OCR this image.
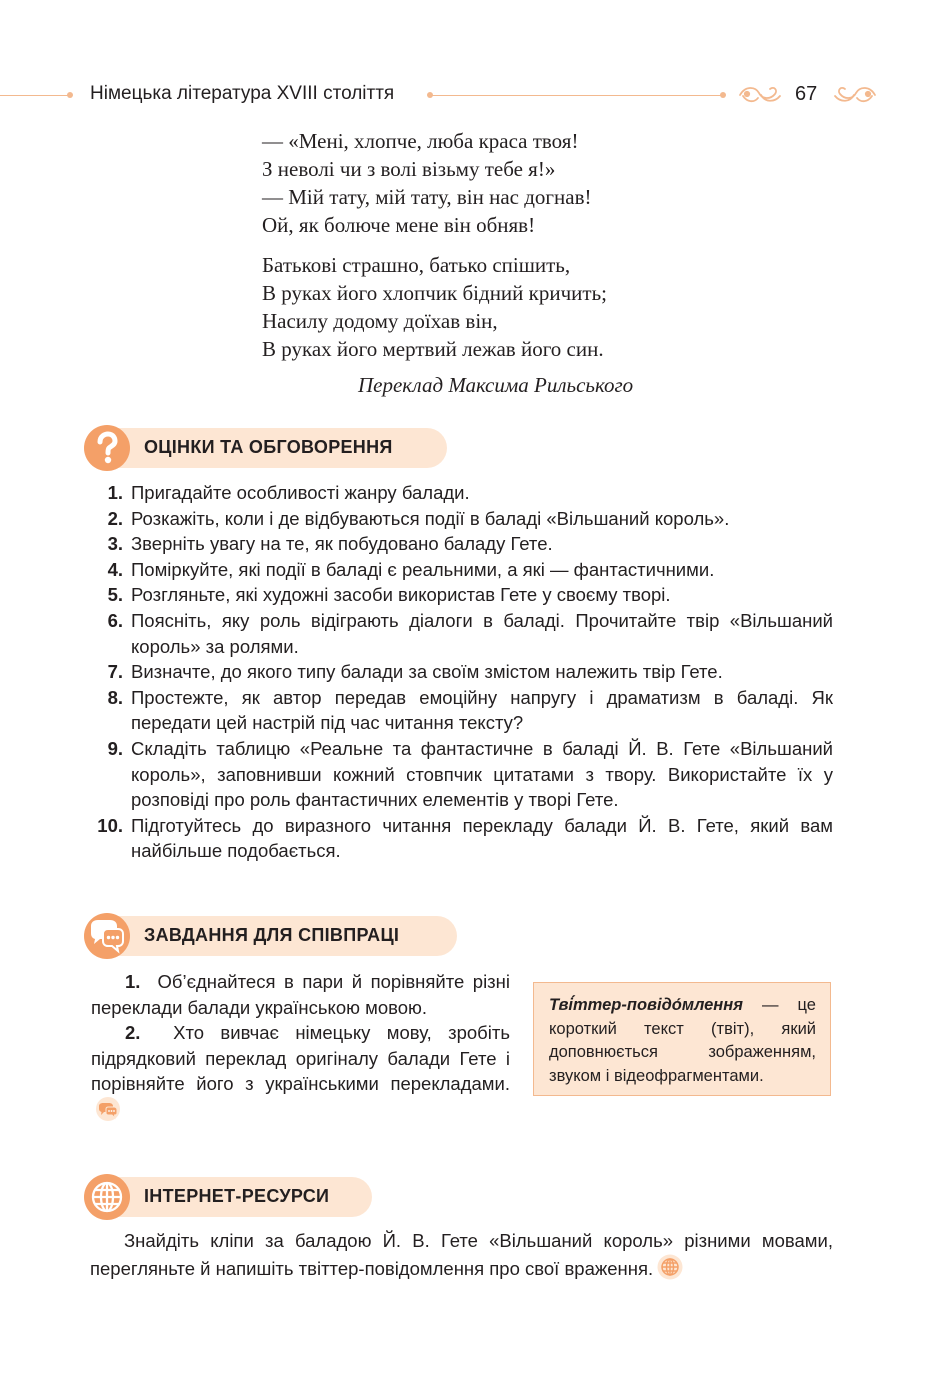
Німецька література XVIII століття	67
— «Мені, хлопче, люба краса твоя!
З неволі чи з волі візьму тебе я!»
— Мій тату, мій тату, він нас догнав!
Ой, як болюче мене він обняв!
Батькові страшно, батько спішить,
В руках його хлопчик бідний кричить;
Насилу додому доїхав він,
В руках його мертвий лежав його син.
Переклад Максима Рильського
ОЦІНКИ ТА ОБГОВОРЕННЯ
1. Пригадайте особливості жанру балади.
2. Розкажіть, коли і де відбуваються події в баладі «Вільшаний король».
3. Зверніть увагу на те, як побудовано баладу Гете.
4. Поміркуйте, які події в баладі є реальними, а які — фантастичними.
5. Розгляньте, які художні засоби використав Гете у своєму творі.
6. Поясніть, яку роль відіграють діалоги в баладі. Прочитайте твір «Вільшаний король» за ролями.
7. Визначте, до якого типу балади за своїм змістом належить твір Гете.
8. Простежте, як автор передав емоційну напругу і драматизм в баладі. Як передати цей настрій під час читання тексту?
9. Складіть таблицю «Реальне та фантастичне в баладі Й. В. Гете «Вільшаний король», заповнивши кожний стовпчик цитатами з твору. Використайте їх у розповіді про роль фантастичних елементів у творі Гете.
10. Підготуйтесь до виразного читання перекладу балади Й. В. Гете, який вам найбільше подобається.
ЗАВДАННЯ ДЛЯ СПІВПРАЦІ

1. Об’єднайтеся в пари й порівняйте різні переклади балади українською мовою.

2. Хто вивчає німецьку мову, зробіть підрядковий переклад оригіналу балади Гете і порівняйте його з українськими перекладами.

Тві́ттер-повідо́млення — це короткий текст (твіт), який доповнюється зображенням, звуком і відеофрагментами.
ІНТЕРНЕТ-РЕСУРСИ

Знайдіть кліпи за баладою Й. В. Гете «Вільшаний король» різними мовами, перегляньте й напишіть твіттер-повідомлення про свої враження.
